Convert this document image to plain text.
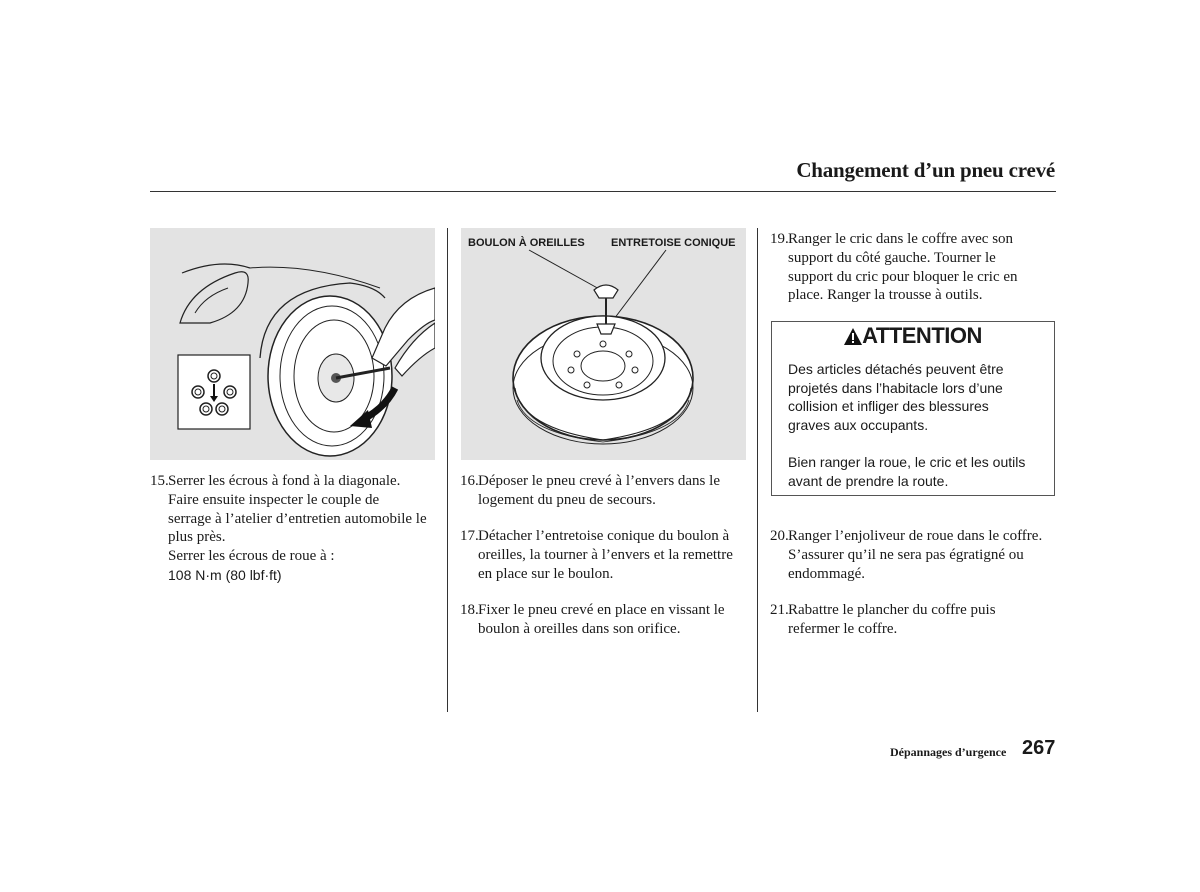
Changement d’un pneu crevé
BOULON À OREILLES ENTRETOISE CONIQUE
15. Serrer les écrous à fond à la diagonale.
Faire ensuite inspecter le couple de
serrage à l’atelier d’entretien automobile le
plus près.
Serrer les écrous de roue à :
108 N·m (80 lbf·ft)
16. Déposer le pneu crevé à l’envers dans le
logement du pneu de secours.
17. Détacher l’entretoise conique du boulon à
oreilles, la tourner à l’envers et la remettre
en place sur le boulon.
18. Fixer le pneu crevé en place en vissant le
boulon à oreilles dans son orifice.
19. Ranger le cric dans le coffre avec son
support du côté gauche. Tourner le
support du cric pour bloquer le cric en
place. Ranger la trousse à outils.
ATTENTION
Des articles détachés peuvent être
projetés dans l’habitacle lors d’une
collision et infliger des blessures
graves aux occupants.
Bien ranger la roue, le cric et les outils
avant de prendre la route.
20. Ranger l’enjoliveur de roue dans le coffre.
S’assurer qu’il ne sera pas égratigné ou
endommagé.
21. Rabattre le plancher du coffre puis
refermer le coffre.
Dépannages d’urgence 267
